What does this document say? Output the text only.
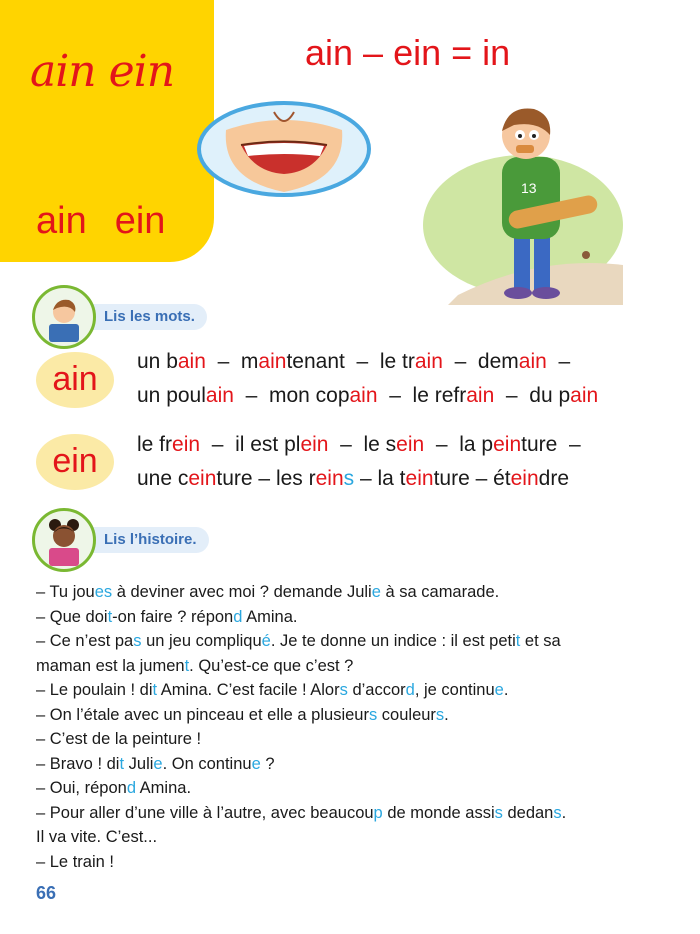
ain ein
ain ein
ain – ein = in
13
Lis les mots.
ain	un bain  –  maintenant  –  le train  –  demain  –
un poulain  –  mon copain  –  le refrain  –  du pain
ein	le frein  –  il est plein  –  le sein  –  la peinture  –
une ceinture – les reins – la teinture – éteindre
Lis l’histoire.

– Tu joues à deviner avec moi ? demande Julie à sa camarade.

– Que doit-on faire ? répond Amina.

– Ce n’est pas un jeu compliqué. Je te donne un indice : il est petit et sa

maman est la jument. Qu’est-ce que c’est ?

– Le poulain ! dit Amina. C’est facile ! Alors d’accord, je continue.

– On l’étale avec un pinceau et elle a plusieurs couleurs.

– C’est de la peinture !

– Bravo ! dit Julie. On continue ?

– Oui, répond Amina.

– Pour aller d’une ville à l’autre, avec beaucoup de monde assis dedans.

Il va vite. C’est...

– Le train !

66
